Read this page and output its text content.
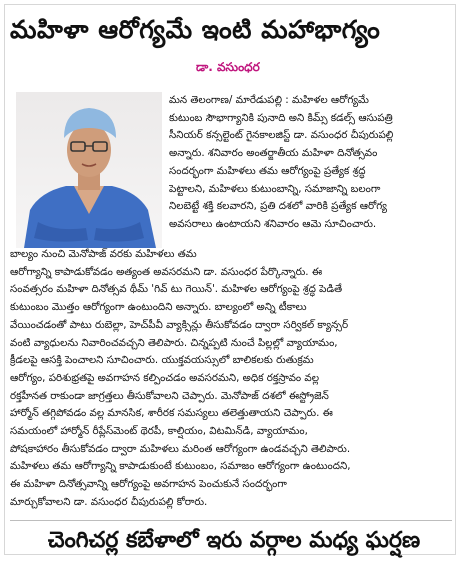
మహిళా ఆరోగ్యమే ఇంటి మహాభాగ్యం
డా. వసుంధర

మన తెలంగాణ/ మారేడుపల్లి : మహిళల ఆరోగ్యమే

కుటుంబ సౌభాగ్యానికి పునాది అని కిమ్స్ కడల్స్ ఆసుపత్రి

సీనియర్ కన్సల్టెంట్ గైనకాలజిస్ట్ డా. వసుంధర చీపురుపల్లి

అన్నారు. శనివారం అంతర్జాతీయ మహిళా దినోత్సవం

సందర్భంగా మహిళలు తమ ఆరోగ్యంపై ప్రత్యేక శ్రద్ధ

పెట్టాలని, మహిళలు కుటుంబాన్ని, సమాజాన్ని బలంగా

నిలబెట్టే శక్తి కలవారని, ప్రతి దశలో వారికి ప్రత్యేక ఆరోగ్య

అవసరాలు ఉంటాయని శనివారం ఆమె సూచించారు.

బాల్యం నుంచి మెనోపాజ్ వరకు మహిళలు తమ

ఆరోగ్యాన్ని కాపాడుకోవడం అత్యంత అవసరమని డా. వసుంధర పేర్కొన్నారు. ఈ

సంవత్సరం మహిళా దినోత్సవ థీమ్ 'గివ్ టు గెయిన్'. మహిళల ఆరోగ్యంపై శ్రద్ధ పెడితే

కుటుంబం మొత్తం ఆరోగ్యంగా ఉంటుందిని అన్నారు. బాల్యంలో అన్ని టీకాలు

వేయించడంతో పాటు రుబెల్లా, హెచ్‌పీవీ వ్యాక్సిన్లు తీసుకోవడం ద్వారా సర్వికల్ క్యాన్సర్

వంటి వ్యాధులను నివారించవచ్చని తెలిపారు. చిన్నప్పటి నుంచే పిల్లల్లో వ్యాయామం,

క్రీడలపై ఆసక్తి పెంచాలని సూచించారు. యుక్తవయస్సులో బాలికలకు రుతుక్రమ

ఆరోగ్యం, పరిశుభ్రతపై అవగాహన కల్పించడం అవసరమని, అధిక రక్తస్రావం వల్ల

రక్తహీనత రాకుండా జాగ్రత్తలు తీసుకోవాలని చెప్పారు. మెనోపాజ్ దశలో ఈస్ట్రోజెన్

హార్మోన్ తగ్గిపోవడం వల్ల మానసిక, శారీరక సమస్యలు తలెత్తుతాయని చెప్పారు. ఈ

సమయంలో హార్మోన్ రీప్లేస్‌మెంట్ థెరపీ, కాల్షియం, విటమిన్‌డి, వ్యాయామం,

పోషకాహారం తీసుకోవడం ద్వారా మహిళలు మరింత ఆరోగ్యంగా ఉండవచ్చని తెలిపారు.

మహిళలు తమ ఆరోగ్యాన్ని కాపాడుకుంటే కుటుంబం, సమాజం ఆరోగ్యంగా ఉంటుందని,

ఈ మహిళా దినోత్సవాన్ని ఆరోగ్యంపై అవగాహన పెంచుకునే సందర్భంగా

మార్చుకోవాలని డా. వసుంధర చీపురుపల్లి కోరారు.

చెంగిచర్ల కబేళాలో ఇరు వర్గాల మధ్య ఘర్షణ
